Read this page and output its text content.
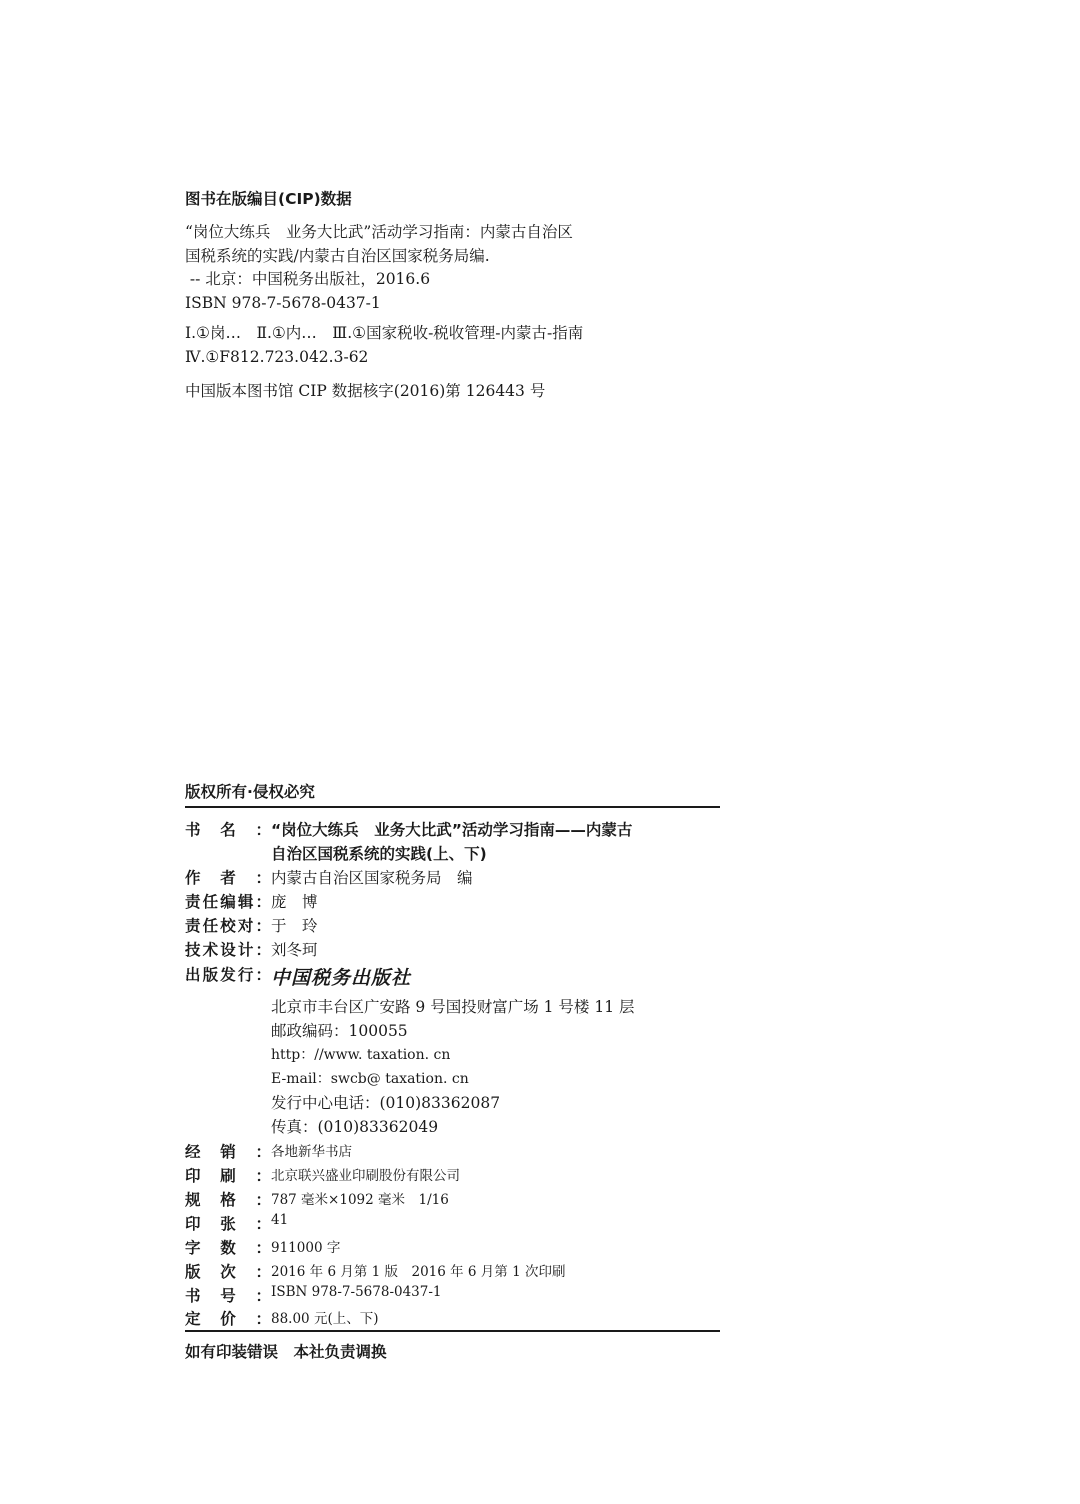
图书在版编目(CIP)数据
“岗位大练兵　业务大比武”活动学习指南：内蒙古自治区
国税系统的实践/内蒙古自治区国家税务局编.
-- 北京：中国税务出版社，2016.6
ISBN 978-7-5678-0437-1
Ⅰ.①岗…　Ⅱ.①内…　Ⅲ.①国家税收-税收管理-内蒙古-指南
Ⅳ.①F812.723.042.3-62
中国版本图书馆 CIP 数据核字(2016)第 126443 号
版权所有·侵权必究
书 名 ： “岗位大练兵　业务大比武”活动学习指南——内蒙古
自治区国税系统的实践(上、下)
作 者 ： 内蒙古自治区国家税务局　编
责 任 编 辑 ： 庞　博
责 任 校 对 ： 于　玲
技 术 设 计 ： 刘冬珂
出 版 发 行 ： 中国税务出版社
北京市丰台区广安路 9 号国投财富广场 1 号楼 11 层
邮政编码：100055
http：//www. taxation. cn
E-mail：swcb@ taxation. cn
发行中心电话：(010)83362087
传真：(010)83362049
经 销 ： 各地新华书店
印 刷 ： 北京联兴盛业印刷股份有限公司
规 格 ： 787 毫米×1092 毫米　1/16
印 张 ： 41
字 数 ： 911000 字
版 次 ： 2016 年 6 月第 1 版　2016 年 6 月第 1 次印刷
书 号 ： ISBN 978-7-5678-0437-1
定 价 ： 88.00 元(上、下)
如有印装错误　本社负责调换
